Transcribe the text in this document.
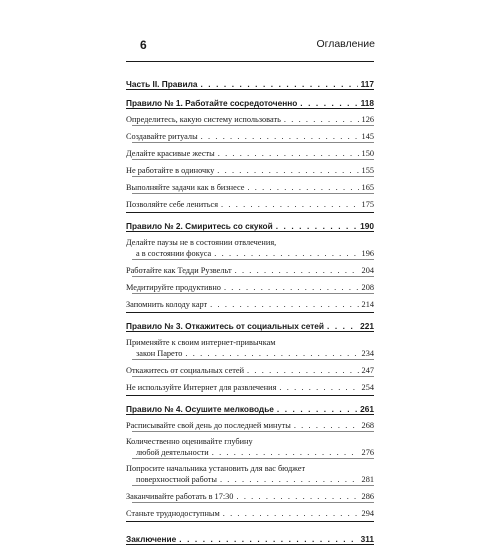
6	Оглавление
Часть II. Правила . . .	117
Правило № 1. Работайте сосредоточенно . . .	118
Определитесь, какую систему использовать . . .	126
Создавайте ритуалы . . .	145
Делайте красивые жесты . . .	150
Не работайте в одиночку . . .	155
Выполняйте задачи как в бизнесе . . .	165
Позволяйте себе лениться . . .	175
Правило № 2. Смиритесь со скукой . . .	190
Делайте паузы не в состоянии отвлечения,
а в состоянии фокуса . . .	196
Работайте как Тедди Рузвельт . . .	204
Медитируйте продуктивно . . .	208
Запомнить колоду карт . . .	214
Правило № 3. Откажитесь от социальных сетей . . .	221
Применяйте к своим интернет-привычкам
закон Парето . . .	234
Откажитесь от социальных сетей . . .	247
Не используйте Интернет для развлечения . . .	254
Правило № 4. Осушите мелководье . . .	261
Расписывайте свой день до последней минуты . . .	268
Количественно оценивайте глубину
любой деятельности . . .	276
Попросите начальника установить для вас бюджет
поверхностной работы . . .	281
Заканчивайте работать в 17:30 . . .	286
Станьте труднодоступным . . .	294
Заключение . . .	311
